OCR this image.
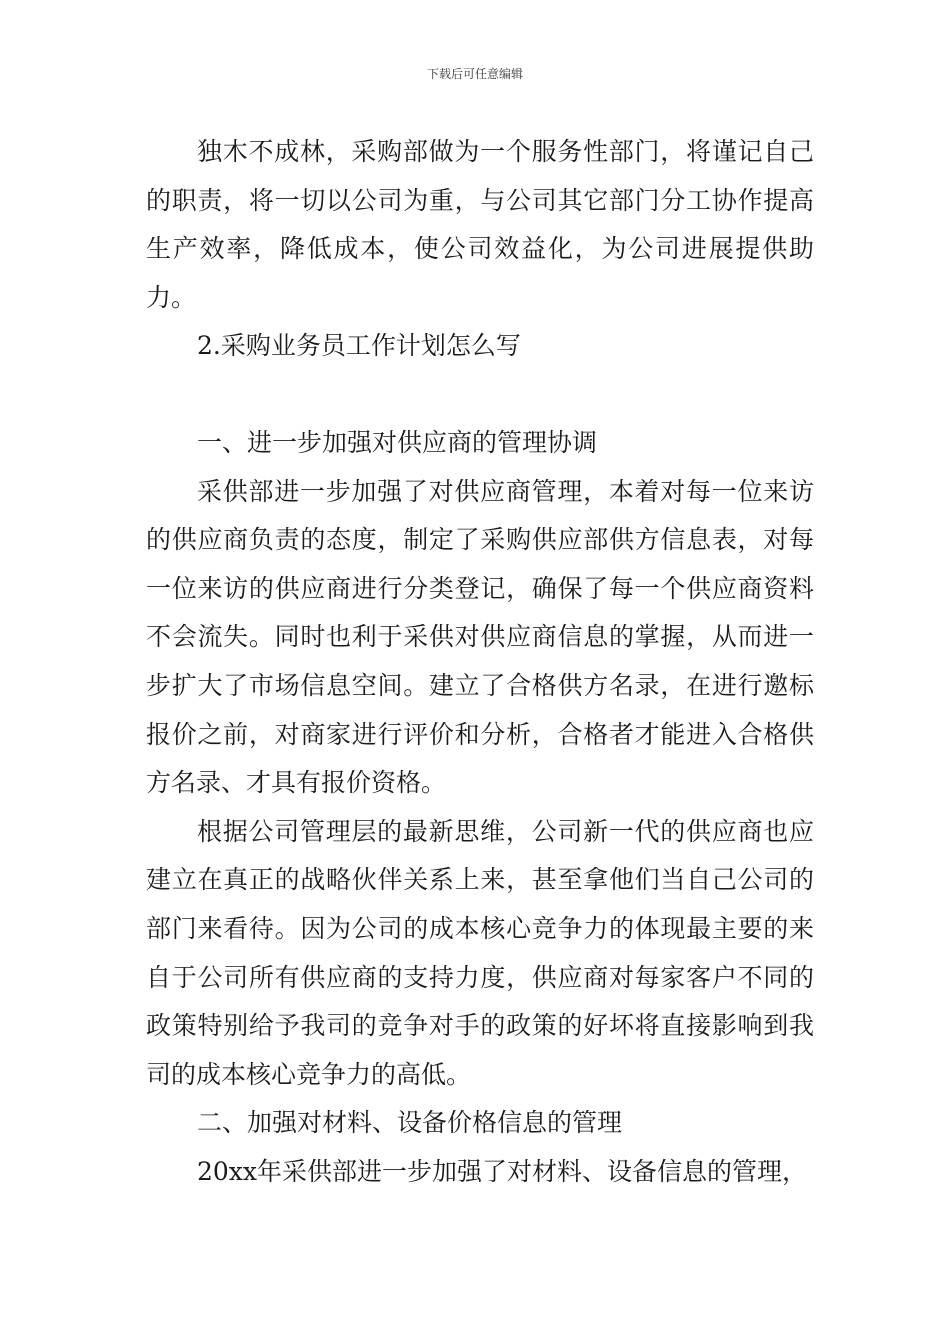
下载后可任意编辑

独木不成林，采购部做为一个服务性部门，将谨记自己的职责，将一切以公司为重，与公司其它部门分工协作提高生产效率，降低成本，使公司效益化，为公司进展提供助力。

2.采购业务员工作计划怎么写

一、进一步加强对供应商的管理协调

采供部进一步加强了对供应商管理，本着对每一位来访的供应商负责的态度，制定了采购供应部供方信息表，对每一位来访的供应商进行分类登记，确保了每一个供应商资料不会流失。同时也利于采供对供应商信息的掌握，从而进一步扩大了市场信息空间。建立了合格供方名录，在进行邀标报价之前，对商家进行评价和分析，合格者才能进入合格供方名录、才具有报价资格。

根据公司管理层的最新思维，公司新一代的供应商也应建立在真正的战略伙伴关系上来，甚至拿他们当自己公司的部门来看待。因为公司的成本核心竞争力的体现最主要的来自于公司所有供应商的支持力度，供应商对每家客户不同的政策特别给予我司的竞争对手的政策的好坏将直接影响到我司的成本核心竞争力的高低。

二、加强对材料、设备价格信息的管理

20xx年采供部进一步加强了对材料、设备信息的管理，
